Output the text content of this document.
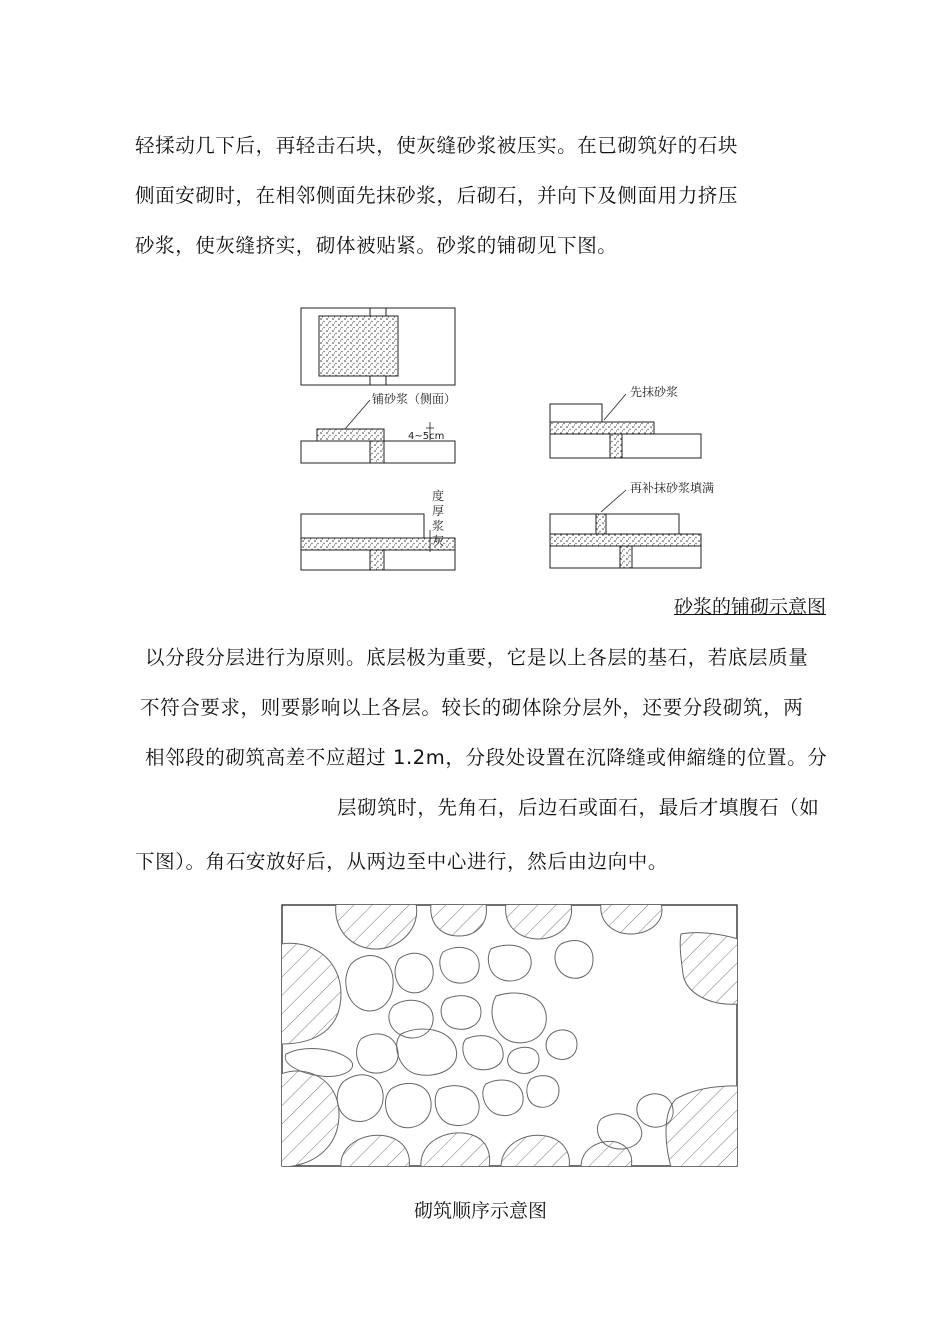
轻揉动几下后，再轻击石块，使灰缝砂浆被压实。在已砌筑好的石块
侧面安砌时，在相邻侧面先抹砂浆，后砌石，并向下及侧面用力挤压
砂浆，使灰缝挤实，砌体被贴紧。砂浆的铺砌见下图。
铺砂浆（侧面）
4~5cm
度
厚
浆
灰
先抹砂浆
再补抹砂浆填满
砂浆的铺砌示意图
以分段分层进行为原则。底层极为重要，它是以上各层的基石，若底层质量
不符合要求，则要影响以上各层。较长的砌体除分层外，还要分段砌筑，两
相邻段的砌筑高差不应超过 1.2m，分段处设置在沉降缝或伸縮缝的位置。分
层砌筑时，先角石，后边石或面石，最后才填腹石（如
下图）。角石安放好后，从两边至中心进行，然后由边向中。
砌筑顺序示意图
